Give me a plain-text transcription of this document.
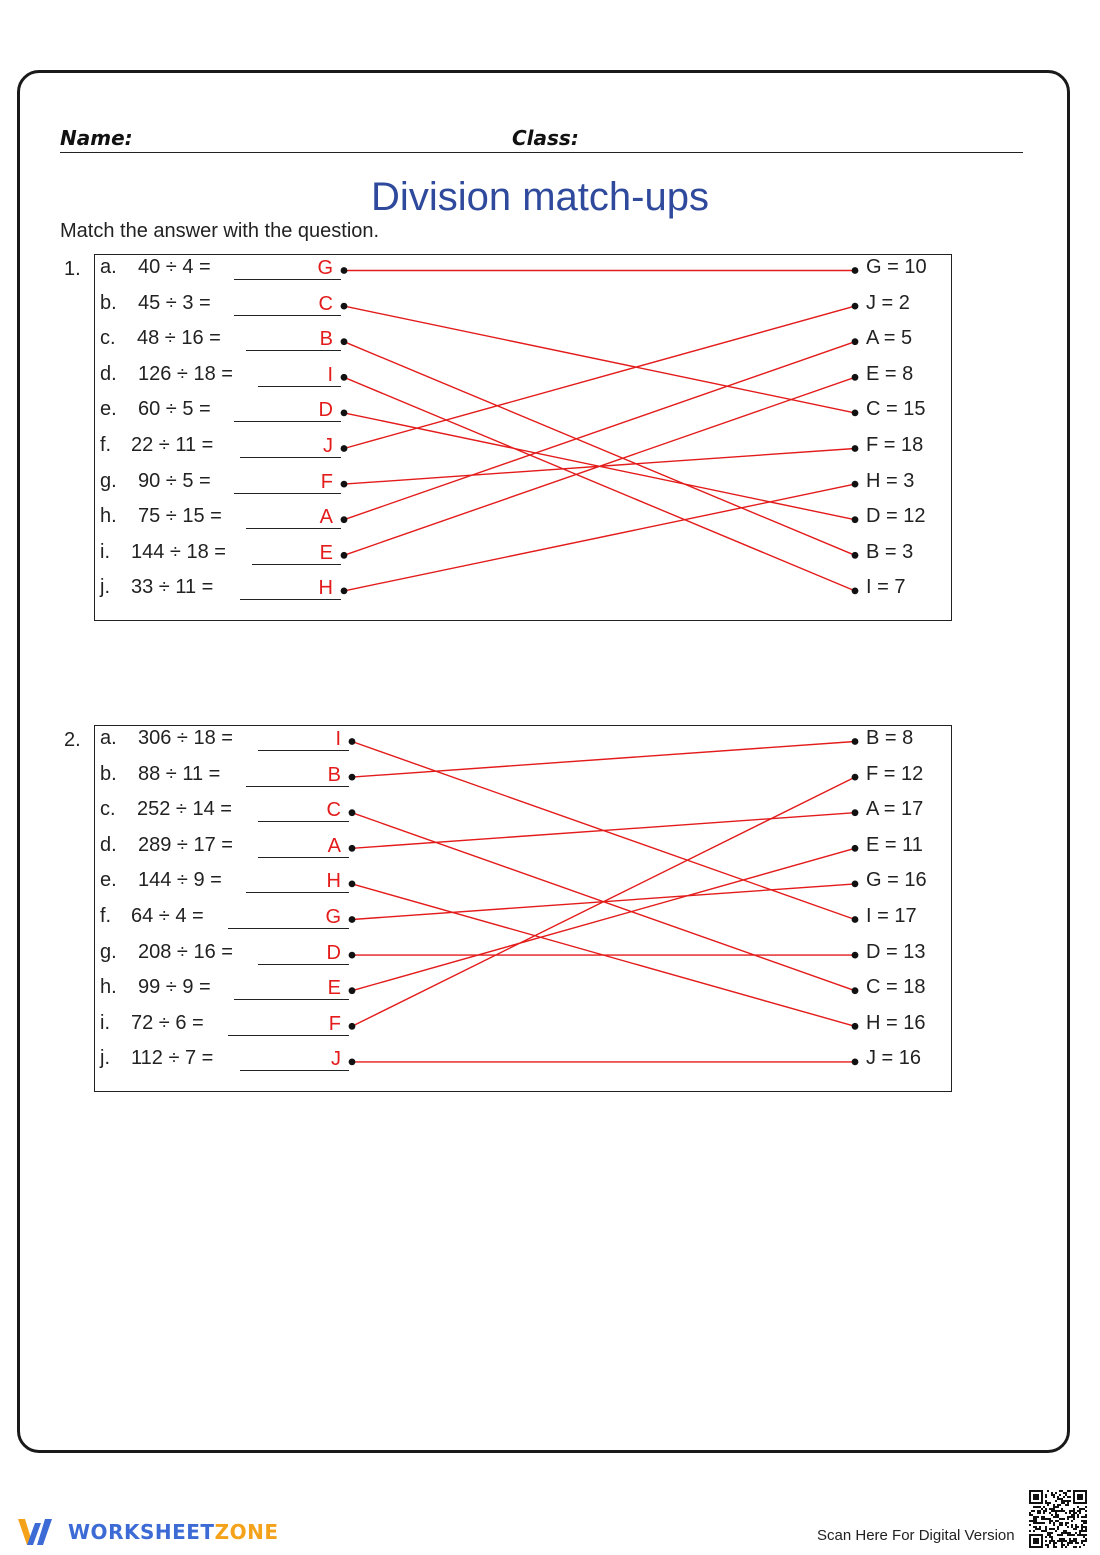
Name:	Class:
Division match-ups
Match the answer with the question.
1.
2.
a. 40 ÷ 4 =	G	G = 10
b. 45 ÷ 3 =	C	J = 2
c. 48 ÷ 16 =	B	A = 5
d. 126 ÷ 18 =	I	E = 8
e. 60 ÷ 5 =	D	C = 15
f. 22 ÷ 11 =	J	F = 18
g. 90 ÷ 5 =	F	H = 3
h. 75 ÷ 15 =	A	D = 12
i. 144 ÷ 18 =	E	B = 3
j. 33 ÷ 11 =	H	I = 7
a. 306 ÷ 18 =	I	B = 8
b. 88 ÷ 11 =	B	F = 12
c. 252 ÷ 14 =	C	A = 17
d. 289 ÷ 17 =	A	E = 11
e. 144 ÷ 9 =	H	G = 16
f. 64 ÷ 4 =	G	I = 17
g. 208 ÷ 16 =	D	D = 13
h. 99 ÷ 9 =	E	C = 18
i. 72 ÷ 6 =	F	H = 16
j. 112 ÷ 7 =	J	J = 16
WORKSHEETZONE	Scan Here For Digital Version
